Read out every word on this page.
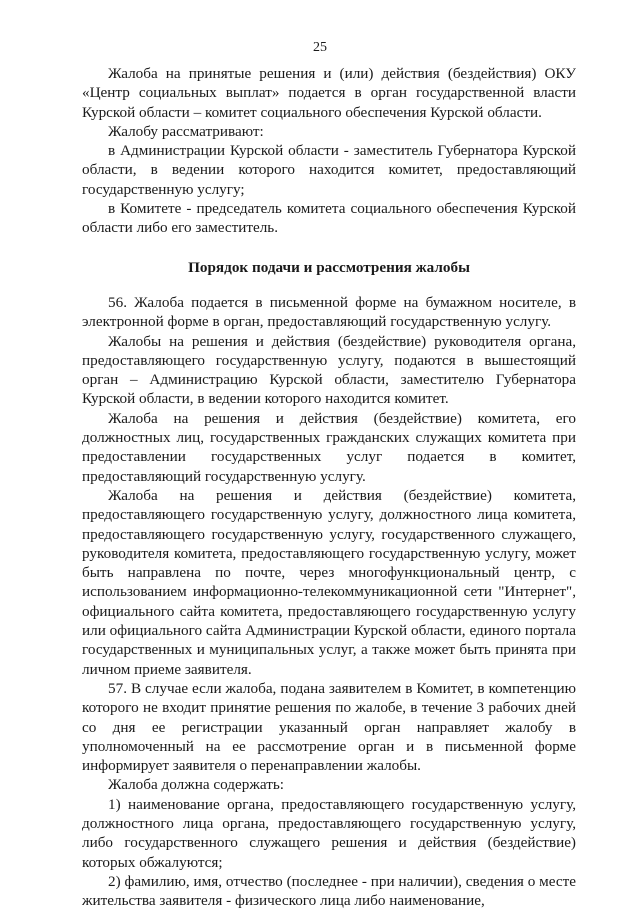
25

Жалоба на принятые решения и (или) действия (бездействия) ОКУ «Центр социальных выплат» подается в орган государственной власти Курской области – комитет социального обеспечения Курской области.

Жалобу рассматривают:

в Администрации Курской области - заместитель Губернатора Курской области, в ведении которого находится комитет, предоставляющий государственную услугу;

в Комитете - председатель комитета социального обеспечения Курской области либо его заместитель.

Порядок подачи и рассмотрения жалобы

56. Жалоба подается в письменной форме на бумажном носителе, в электронной форме в орган, предоставляющий государственную услугу.

Жалобы на решения и действия (бездействие) руководителя органа, предоставляющего государственную услугу, подаются в вышестоящий орган – Администрацию Курской области, заместителю Губернатора Курской области, в ведении которого находится комитет.

Жалоба на решения и действия (бездействие) комитета, его должностных лиц, государственных гражданских служащих комитета при предоставлении государственных услуг подается в комитет, предоставляющий государственную услугу.

Жалоба на решения и действия (бездействие) комитета, предоставляющего государственную услугу, должностного лица комитета, предоставляющего государственную услугу, государственного служащего, руководителя комитета, предоставляющего государственную услугу, может быть направлена по почте, через многофункциональный центр, с использованием информационно-телекоммуникационной сети "Интернет", официального сайта комитета, предоставляющего государственную услугу или официального сайта Администрации Курской области, единого портала государственных и муниципальных услуг, а также может быть принята при личном приеме заявителя.

57. В случае если жалоба, подана заявителем в Комитет, в компетенцию которого не входит принятие решения по жалобе, в течение 3 рабочих дней со дня ее регистрации указанный орган направляет жалобу в уполномоченный на ее рассмотрение орган и в письменной форме информирует заявителя о перенаправлении жалобы.

Жалоба должна содержать:

1) наименование органа, предоставляющего государственную услугу, должностного лица органа, предоставляющего государственную услугу, либо государственного служащего решения и действия (бездействие) которых обжалуются;

2) фамилию, имя, отчество (последнее - при наличии), сведения о месте жительства заявителя - физического лица либо наименование,
